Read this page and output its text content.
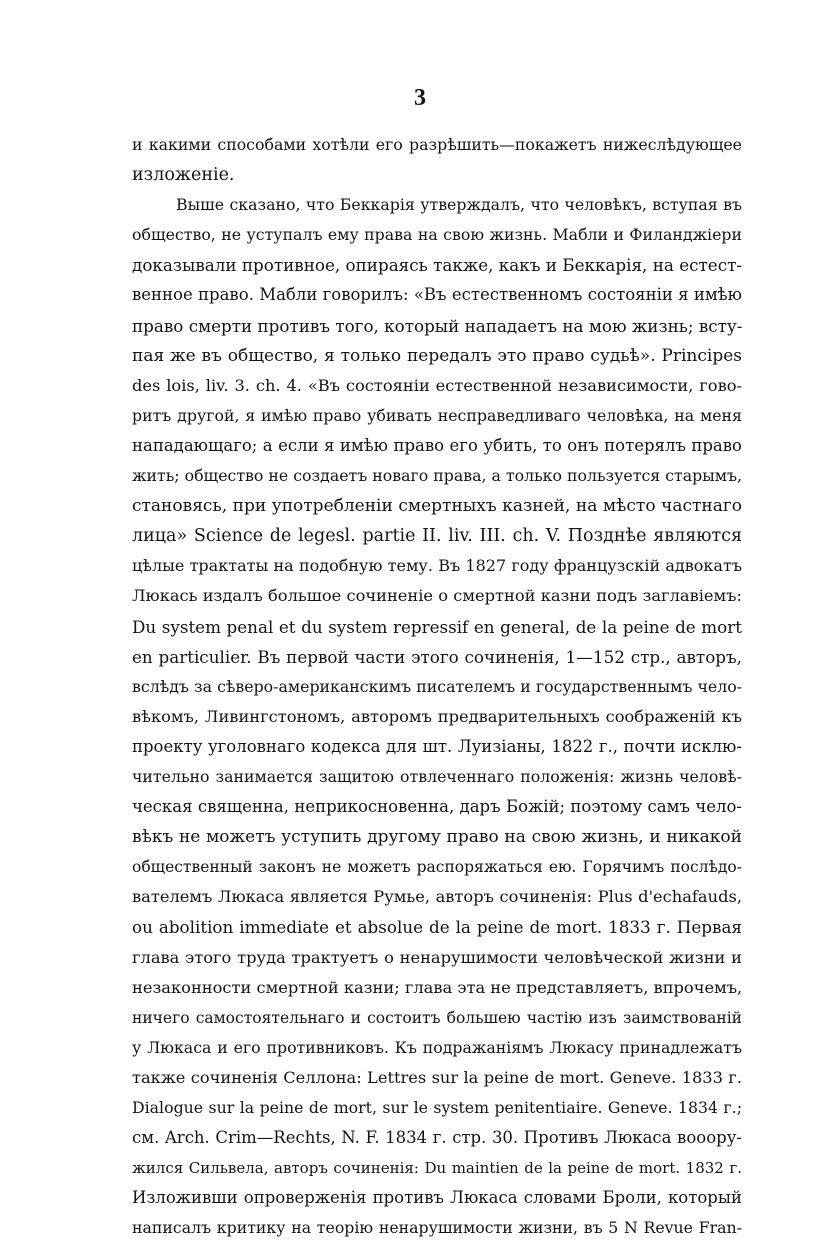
3
и какими способами хотѣли его разрѣшить—покажетъ нижеслѣдующее
изложеніе.
Выше сказано, что Беккарія утверждалъ, что человѣкъ, вступая въ
общество, не уступалъ ему права на свою жизнь. Мабли и Филанджіери
доказывали противное, опираясь также, какъ и Беккарія, на естест-
венное право. Мабли говорилъ: «Въ естественномъ состояніи я имѣю
право смерти противъ того, который нападаетъ на мою жизнь; всту-
пая же въ общество, я только передалъ это право судьѣ». Principes
des lois, liv. 3. ch. 4. «Въ состояніи естественной независимости, гово-
ритъ другой, я имѣю право убивать несправедливаго человѣка, на меня
нападающаго; а если я имѣю право его убить, то онъ потерялъ право
жить; общество не создаетъ новаго права, а только пользуется старымъ,
становясь, при употребленіи смертныхъ казней, на мѣсто частнаго
лица» Science de legesl. partie II. liv. III. ch. V. Позднѣе являются
цѣлые трактаты на подобную тему. Въ 1827 году французскій адвокатъ
Люкась издалъ большое сочиненіе о смертной казни подъ заглавіемъ:
Du system penal et du system repressif en general, de la peine de mort
en particulier. Въ первой части этого сочиненія, 1—152 стр., авторъ,
вслѣдъ за сѣверо-американскимъ писателемъ и государственнымъ чело-
вѣкомъ, Ливингстономъ, авторомъ предварительныхъ соображеній къ
проекту уголовнаго кодекса для шт. Луизіаны, 1822 г., почти исклю-
чительно занимается защитою отвлеченнаго положенія: жизнь человѣ-
ческая священна, неприкосновенна, даръ Божій; поэтому самъ чело-
вѣкъ не можетъ уступить другому право на свою жизнь, и никакой
общественный законъ не можетъ распоряжаться ею. Горячимъ послѣдо-
вателемъ Люкаса является Румье, авторъ сочиненія: Plus d'echafauds,
ou abolition immediate et absolue de la peine de mort. 1833 г. Первая
глава этого труда трактуетъ о ненарушимости человѣческой жизни и
незаконности смертной казни; глава эта не представляетъ, впрочемъ,
ничего самостоятельнаго и состоитъ большею частію изъ заимствованій
у Люкаса и его противниковъ. Къ подражаніямъ Люкасу принадлежатъ
также сочиненія Селлона: Lettres sur la peine de mort. Geneve. 1833 г.
Dialogue sur la peine de mort, sur le system penitentiaire. Geneve. 1834 г.;
см. Arch. Crim—Rechts, N. F. 1834 г. стр. 30. Противъ Люкаса вооору-
жился Сильвела, авторъ сочиненія: Du maintien de la peine de mort. 1832 г.
Изложивши опроверженія противъ Люкаса словами Броли, который
написалъ критику на теорію ненарушимости жизни, въ 5 N Revue Fran-
